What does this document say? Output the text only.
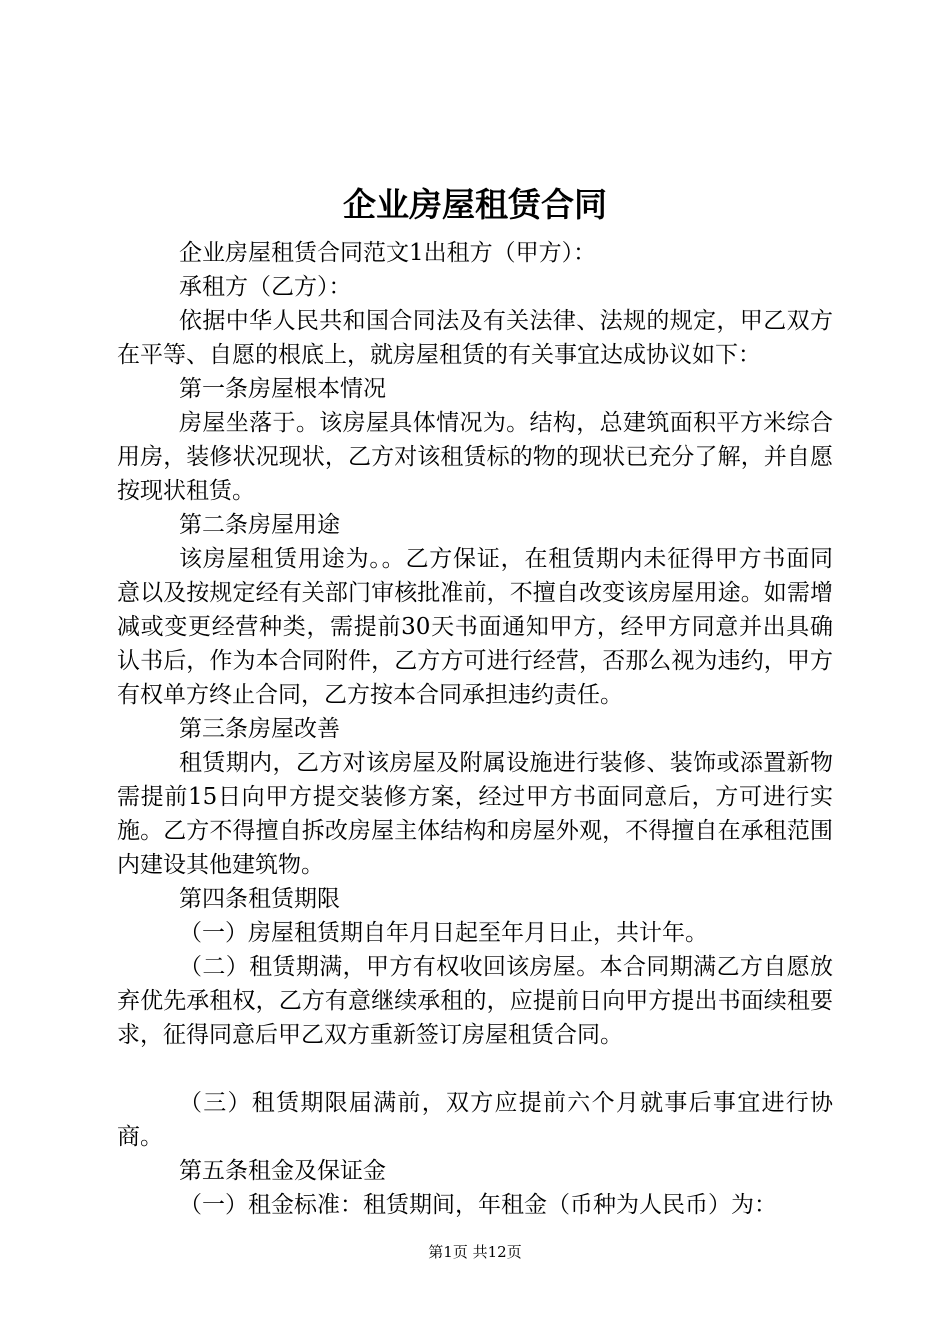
企业房屋租赁合同

企业房屋租赁合同范文1出租方（甲方）：

承租方（乙方）：

依据中华人民共和国合同法及有关法律、法规的规定，甲乙双方在平等、自愿的根底上，就房屋租赁的有关事宜达成协议如下：

第一条房屋根本情况

房屋坐落于。该房屋具体情况为。结构，总建筑面积平方米综合用房，装修状况现状，乙方对该租赁标的物的现状已充分了解，并自愿按现状租赁。

第二条房屋用途

该房屋租赁用途为。。乙方保证，在租赁期内未征得甲方书面同意以及按规定经有关部门审核批准前，不擅自改变该房屋用途。如需增减或变更经营种类，需提前30天书面通知甲方，经甲方同意并出具确认书后，作为本合同附件，乙方方可进行经营，否那么视为违约，甲方有权单方终止合同，乙方按本合同承担违约责任。

第三条房屋改善

租赁期内，乙方对该房屋及附属设施进行装修、装饰或添置新物需提前15日向甲方提交装修方案，经过甲方书面同意后，方可进行实施。乙方不得擅自拆改房屋主体结构和房屋外观，不得擅自在承租范围内建设其他建筑物。

第四条租赁期限

（一）房屋租赁期自年月日起至年月日止，共计年。

（二）租赁期满，甲方有权收回该房屋。本合同期满乙方自愿放弃优先承租权，乙方有意继续承租的，应提前日向甲方提出书面续租要求，征得同意后甲乙双方重新签订房屋租赁合同。

（三）租赁期限届满前，双方应提前六个月就事后事宜进行协商。

第五条租金及保证金

（一）租金标准：租赁期间，年租金（币种为人民币）为：

第1页 共12页
